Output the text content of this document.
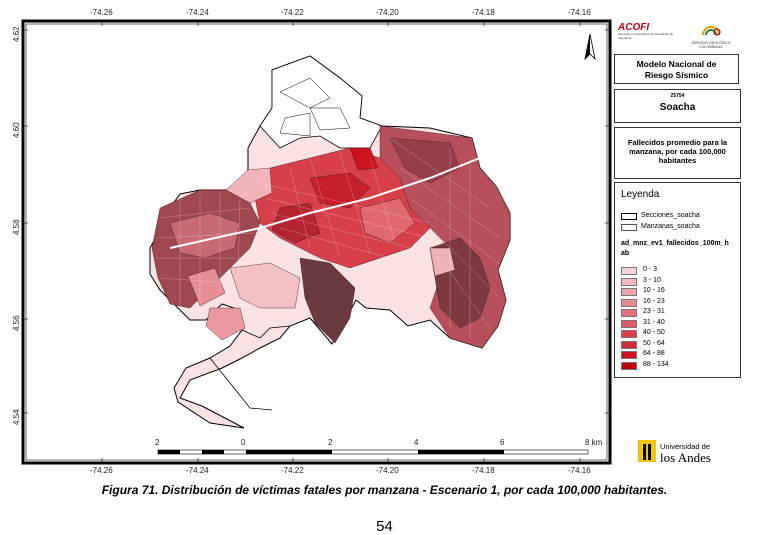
-74.26	-74.24	-74.22	-74.20	-74.18	-74.16
-74.26	-74.24	-74.22	-74.20	-74.18	-74.16
4.62
4.60
4.58
4.56
4.54
2	0	2	4	6	8 km
ACOFI
Asociación Colombiana de Facultades de Ingeniería
SERVICIO GEOLÓGICO COLOMBIANO
Modelo Nacional de Riesgo Sísmico
25754
Soacha
Fallecidos promedio para la manzana, por cada 100,000 habitantes
Leyenda
Secciones_soacha
Manzanas_soacha
ad_mnz_ev1_fallecidos_100m_hab
0 - 3
3 - 10
10 - 16
16 - 23
23 - 31
31 - 40
40 - 50
50 - 64
64 - 88
88 - 134
Universidad de
los Andes
Figura 71. Distribución de víctimas fatales por manzana - Escenario 1, por cada 100,000 habitantes.
54
